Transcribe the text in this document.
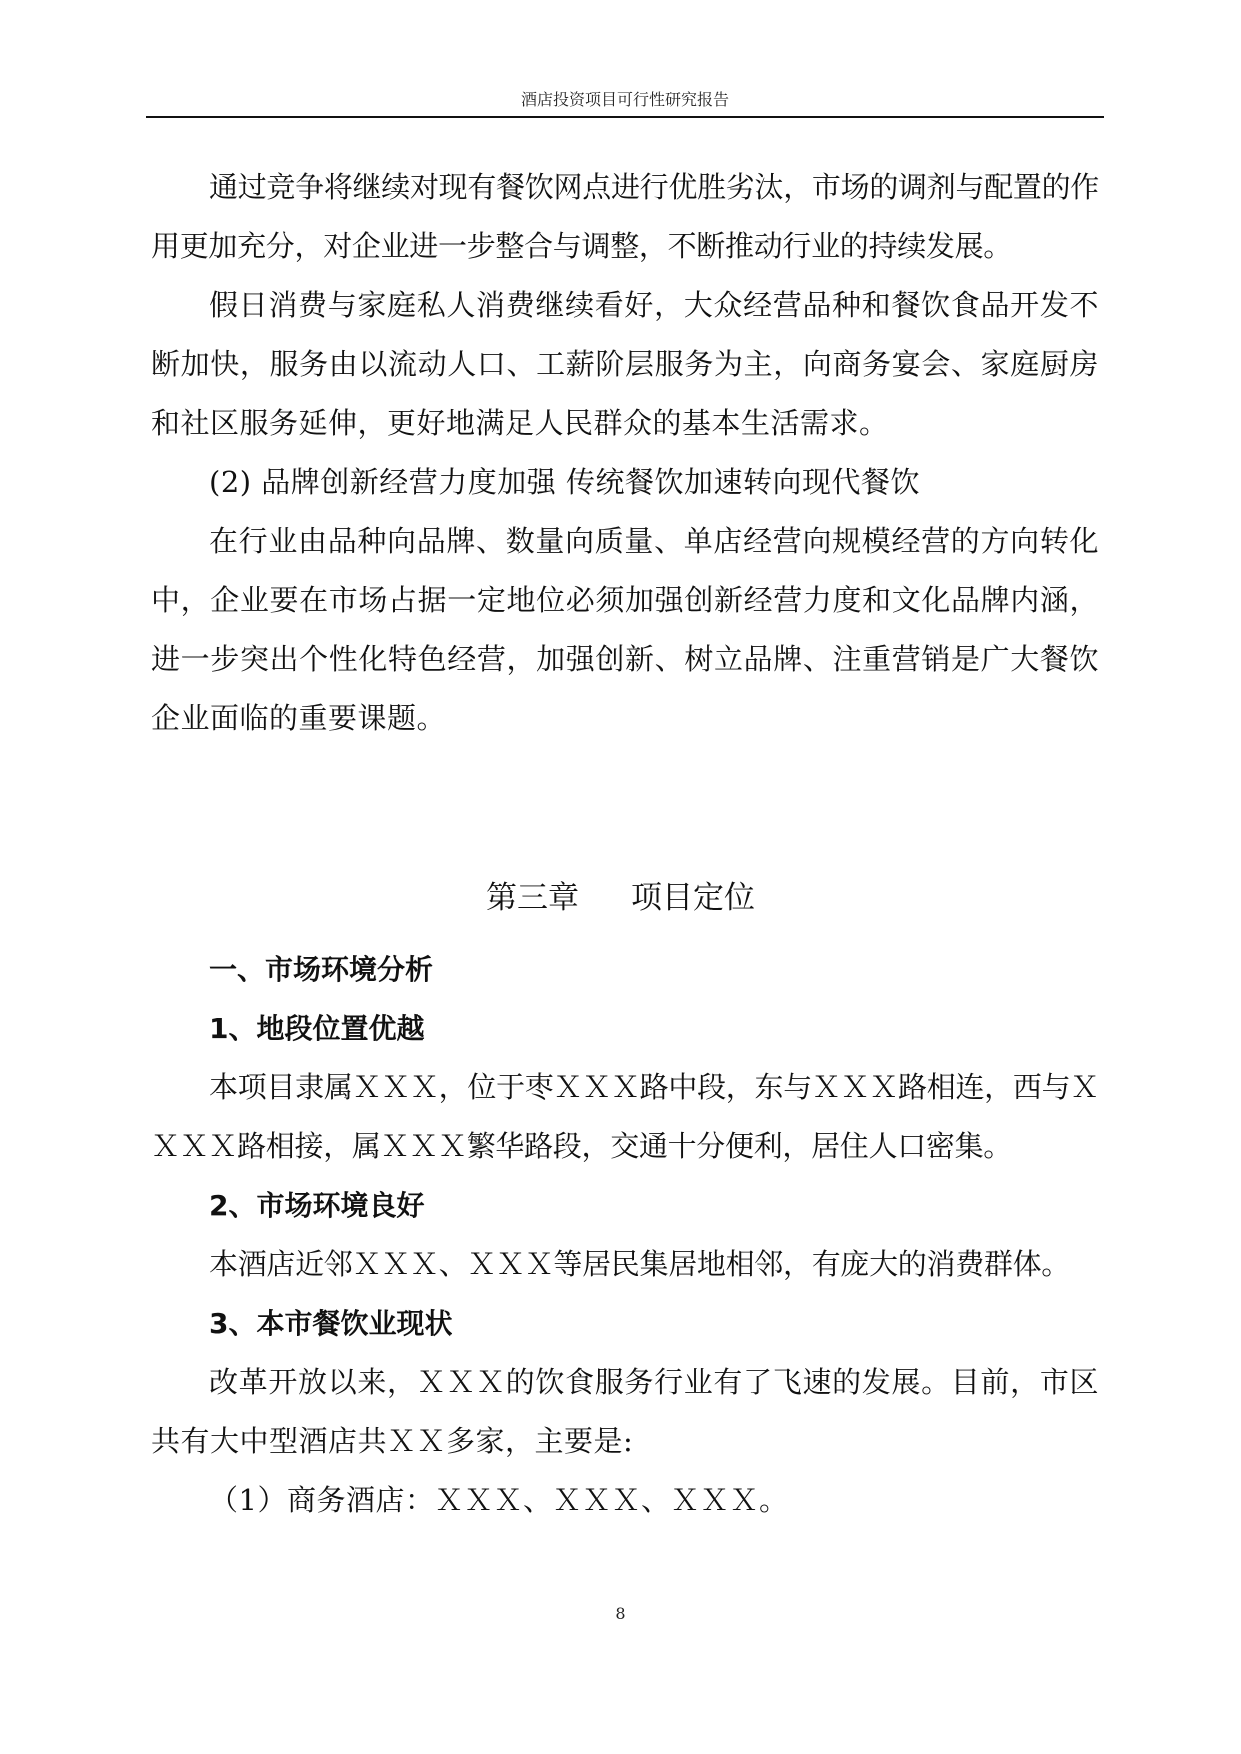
酒店投资项目可行性研究报告

通过竞争将继续对现有餐饮网点进行优胜劣汰，市场的调剂与配置的作用更加充分，对企业进一步整合与调整，不断推动行业的持续发展。

假日消费与家庭私人消费继续看好，大众经营品种和餐饮食品开发不断加快，服务由以流动人口、工薪阶层服务为主，向商务宴会、家庭厨房和社区服务延伸，更好地满足人民群众的基本生活需求。

(2) 品牌创新经营力度加强 传统餐饮加速转向现代餐饮

在行业由品种向品牌、数量向质量、单店经营向规模经营的方向转化中，企业要在市场占据一定地位必须加强创新经营力度和文化品牌内涵，进一步突出个性化特色经营，加强创新、树立品牌、注重营销是广大餐饮企业面临的重要课题。

第三章 项目定位

一、市场环境分析

1、地段位置优越

本项目隶属ＸＸＸ，位于枣ＸＸＸ路中段，东与ＸＸＸ路相连，西与ＸＸＸＸ路相接，属ＸＸＸ繁华路段，交通十分便利，居住人口密集。

2、市场环境良好

本酒店近邻ＸＸＸ、ＸＸＸ等居民集居地相邻，有庞大的消费群体。

3、本市餐饮业现状

改革开放以来，ＸＸＸ的饮食服务行业有了飞速的发展。目前，市区共有大中型酒店共ＸＸ多家，主要是:

（1）商务酒店：ＸＸＸ、ＸＸＸ、ＸＸＸ。

8
